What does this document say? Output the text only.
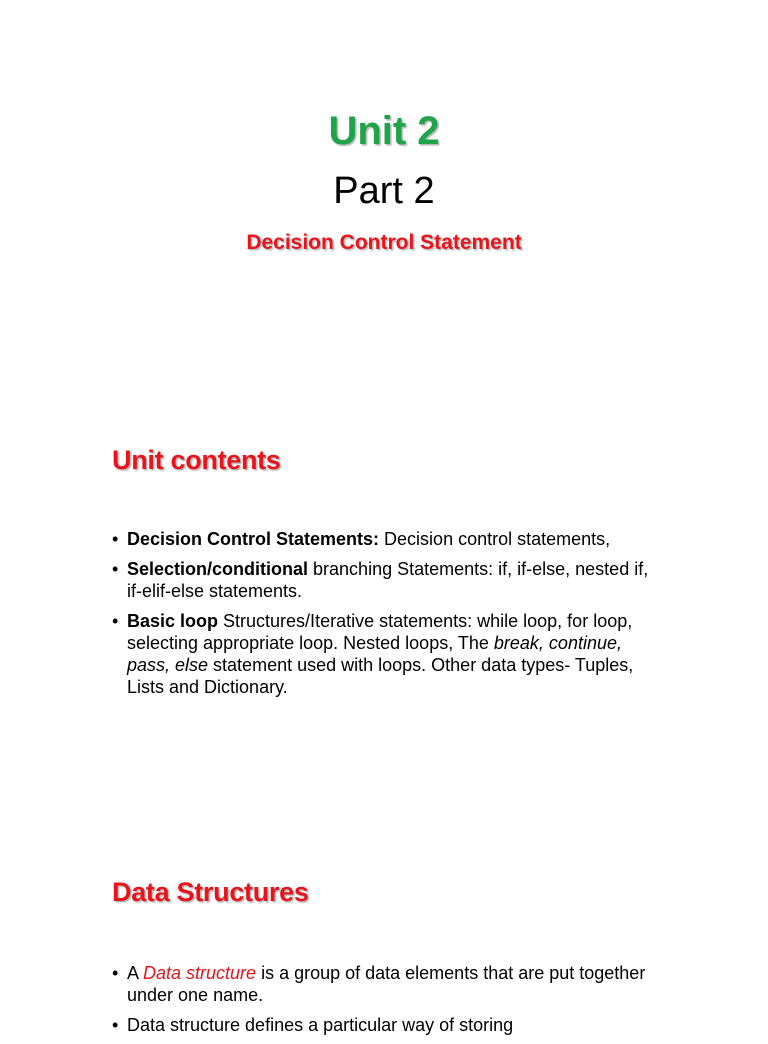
Unit 2
Part 2
Decision Control Statement
Unit contents
• Decision Control Statements: Decision control statements,
• Selection/conditional branching Statements: if, if-else, nested if, if-elif-else statements.
• Basic loop Structures/Iterative statements: while loop, for loop, selecting appropriate loop. Nested loops, The break, continue, pass, else statement used with loops. Other data types- Tuples, Lists and Dictionary.
Data Structures
• A Data structure is a group of data elements that are put together under one name.
• Data structure defines a particular way of storing
